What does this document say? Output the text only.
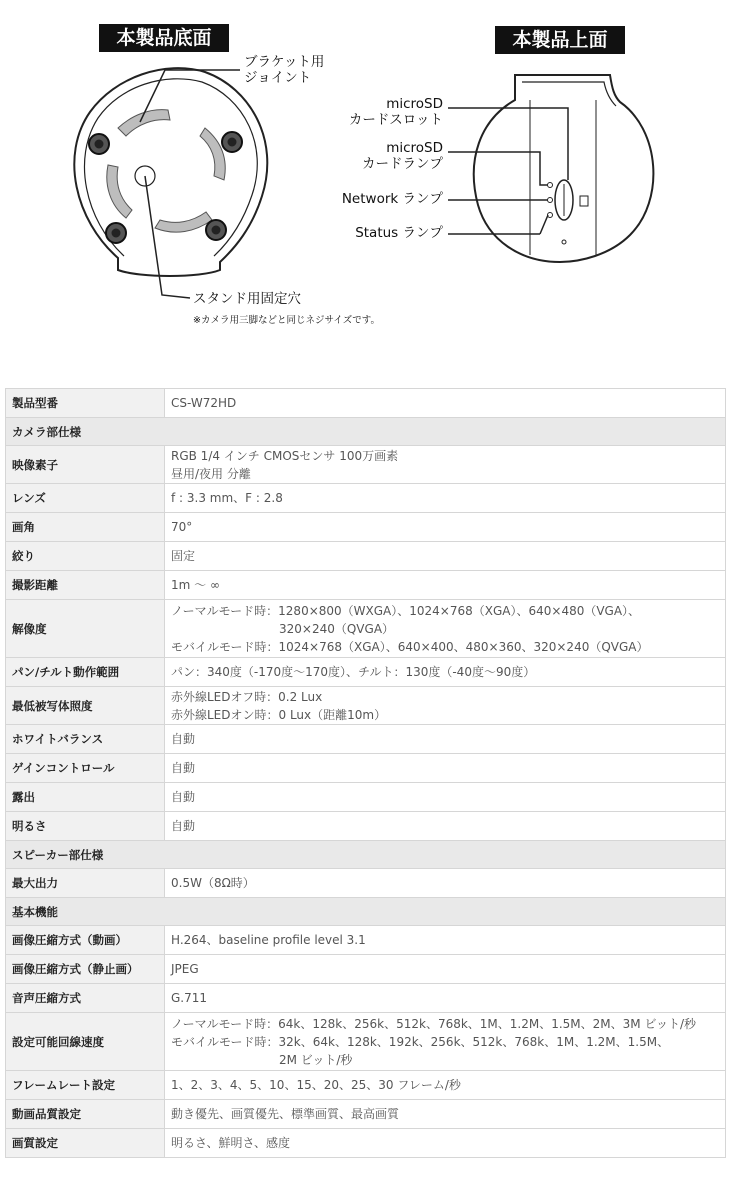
本製品底面	本製品上面
ブラケット用
ジョイント
スタンド用固定穴
※カメラ用三脚などと同じネジサイズです。
microSD
カードスロット
microSD
カードランプ
Network ランプ
Status ランプ
製品型番	CS-W72HD

カメラ部仕様	
映像素子	RGB 1/4 インチ CMOSセンサ 100万画素
昼用/夜用 分離

レンズ	f : 3.3 mm、F : 2.8

画角	70°

絞り	固定

撮影距離	1m ～ ∞

解像度	ノーマルモード時：1280×800（WXGA）、1024×768（XGA）、640×480（VGA）、
320×240（QVGA）
モバイルモード時：1024×768（XGA）、640×400、480×360、320×240（QVGA）

パン/チルト動作範囲	パン：340度（-170度～170度）、チルト：130度（-40度～90度）

最低被写体照度	赤外線LEDオフ時：0.2 Lux
赤外線LEDオン時：0 Lux（距離10m）

ホワイトバランス	自動

ゲインコントロール	自動

露出	自動

明るさ	自動

スピーカー部仕様	
最大出力	0.5W（8Ω時）

基本機能	
画像圧縮方式（動画）	H.264、baseline profile level 3.1

画像圧縮方式（静止画）	JPEG

音声圧縮方式	G.711

設定可能回線速度	ノーマルモード時：64k、128k、256k、512k、768k、1M、1.2M、1.5M、2M、3M ビット/秒
モバイルモード時：32k、64k、128k、192k、256k、512k、768k、1M、1.2M、1.5M、
2M ビット/秒

フレームレート設定	1、2、3、4、5、10、15、20、25、30 フレーム/秒

動画品質設定	動き優先、画質優先、標準画質、最高画質

画質設定	明るさ、鮮明さ、感度
